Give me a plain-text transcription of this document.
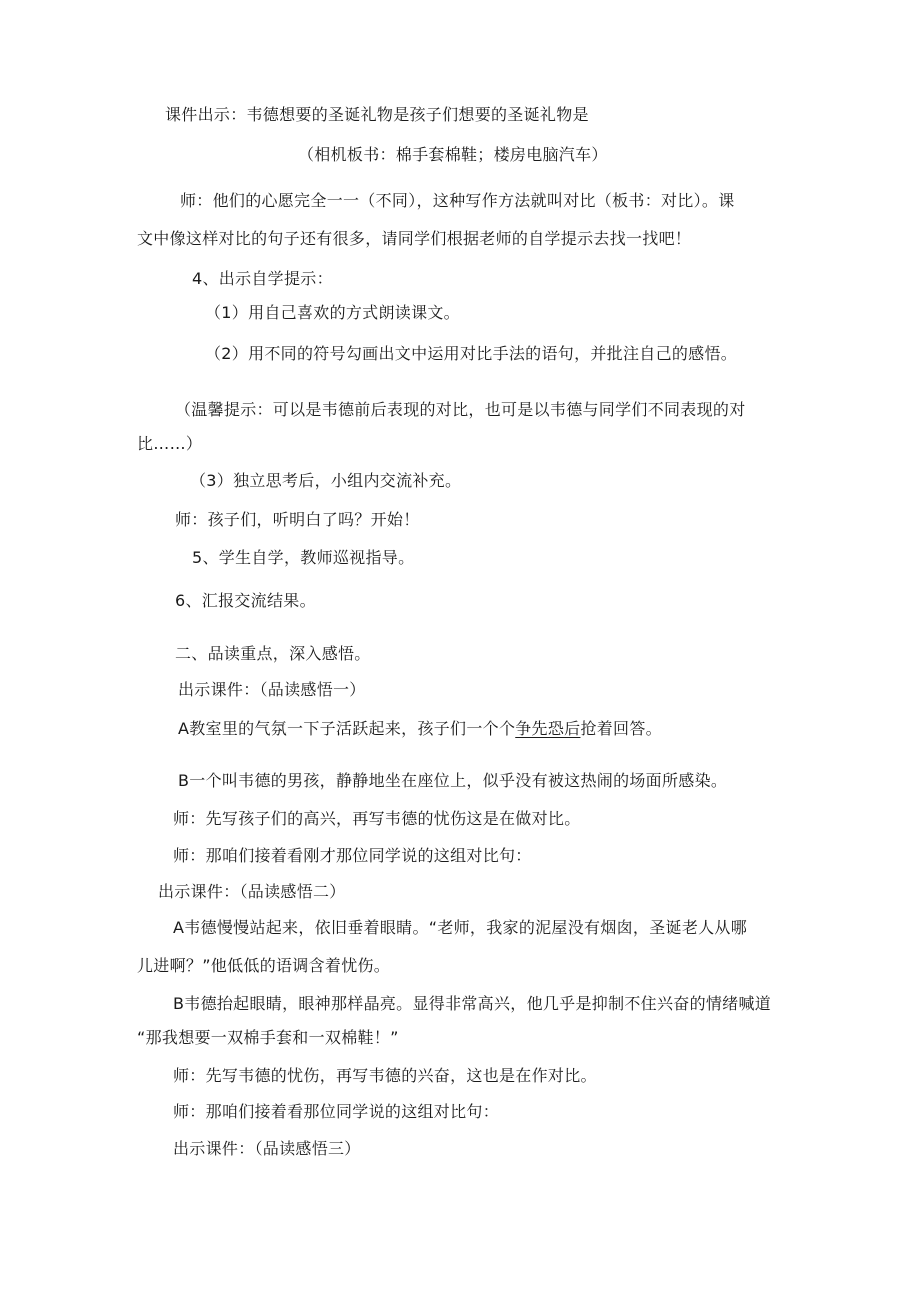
课件出示：韦德想要的圣诞礼物是孩子们想要的圣诞礼物是
（相机板书：棉手套棉鞋；楼房电脑汽车）
师：他们的心愿完全一一（不同），这种写作方法就叫对比（板书：对比）。课
文中像这样对比的句子还有很多，请同学们根据老师的自学提示去找一找吧！
4、出示自学提示：
（1）用自己喜欢的方式朗读课文。
（2）用不同的符号勾画出文中运用对比手法的语句，并批注自己的感悟。
（温馨提示：可以是韦德前后表现的对比，也可是以韦德与同学们不同表现的对
比……）
（3）独立思考后，小组内交流补充。
师：孩子们，听明白了吗？开始！
5、学生自学，教师巡视指导。
6、汇报交流结果。
二、品读重点，深入感悟。
出示课件：（品读感悟一）
A教室里的气氛一下子活跃起来，孩子们一个个争先恐后抢着回答。
B一个叫韦德的男孩，静静地坐在座位上，似乎没有被这热闹的场面所感染。
师：先写孩子们的高兴，再写韦德的忧伤这是在做对比。
师：那咱们接着看刚才那位同学说的这组对比句：
出示课件：（品读感悟二）
A韦德慢慢站起来，依旧垂着眼睛。“老师，我家的泥屋没有烟囱，圣诞老人从哪
儿进啊？”他低低的语调含着忧伤。
B韦德抬起眼睛，眼神那样晶亮。显得非常高兴，他几乎是抑制不住兴奋的情绪喊道
“那我想要一双棉手套和一双棉鞋！”
师：先写韦德的忧伤，再写韦德的兴奋，这也是在作对比。
师：那咱们接着看那位同学说的这组对比句：
出示课件：（品读感悟三）
